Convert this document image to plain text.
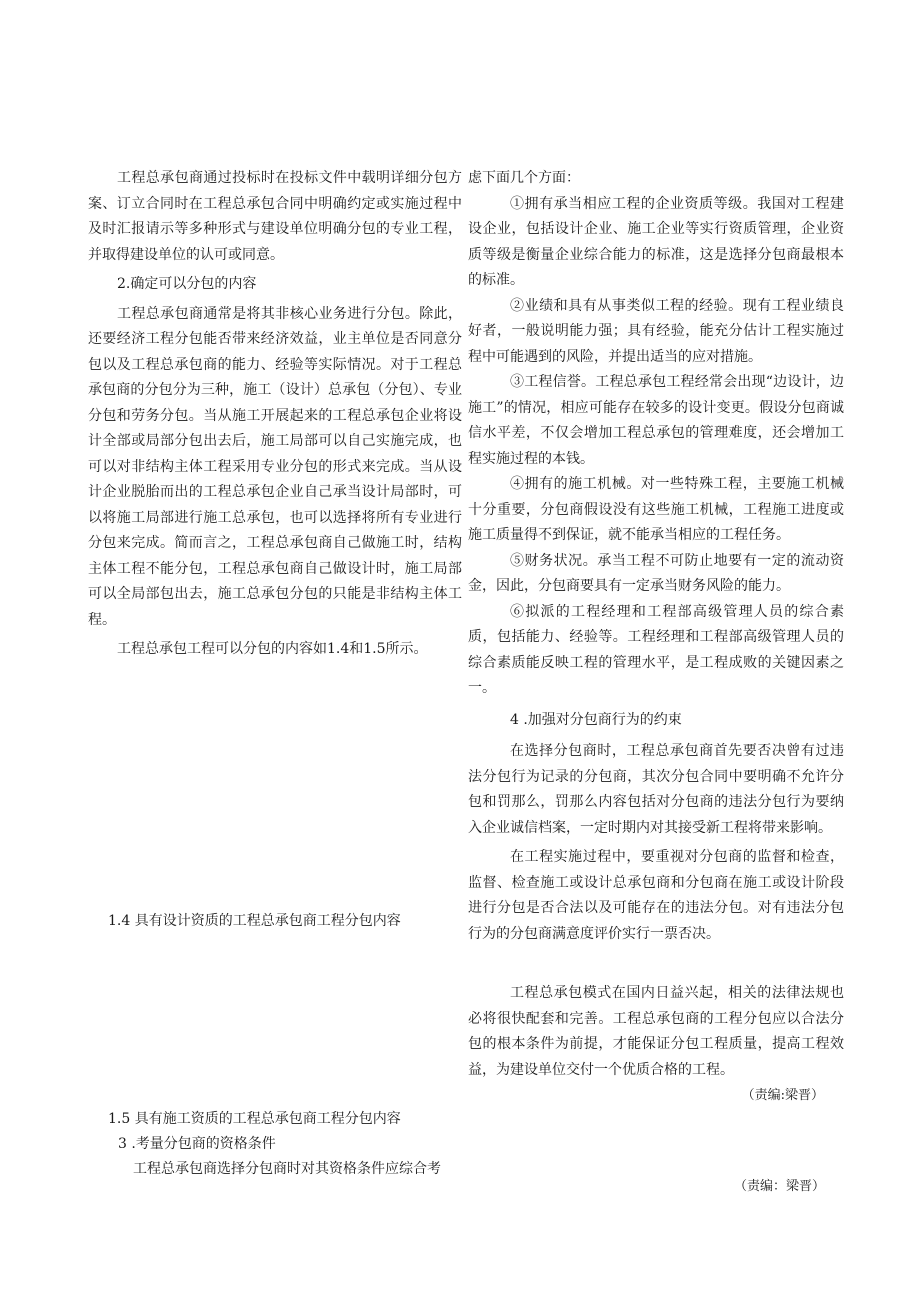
工程总承包商通过投标时在投标文件中载明详细分包方案、订立合同时在工程总承包合同中明确约定或实施过程中及时汇报请示等多种形式与建设单位明确分包的专业工程，并取得建设单位的认可或同意。

2.确定可以分包的内容

工程总承包商通常是将其非核心业务进行分包。除此，还要经济工程分包能否带来经济效益，业主单位是否同意分包以及工程总承包商的能力、经验等实际情况。对于工程总承包商的分包分为三种，施工（设计）总承包（分包）、专业分包和劳务分包。当从施工开展起来的工程总承包企业将设计全部或局部分包出去后，施工局部可以自己实施完成，也可以对非结构主体工程采用专业分包的形式来完成。当从设计企业脱胎而出的工程总承包企业自己承当设计局部时，可以将施工局部进行施工总承包，也可以选择将所有专业进行分包来完成。简而言之，工程总承包商自己做施工时，结构主体工程不能分包，工程总承包商自己做设计时，施工局部可以全局部包出去，施工总承包分包的只能是非结构主体工程。

工程总承包工程可以分包的内容如1.4和1.5所示。

1.4 具有设计资质的工程总承包商工程分包内容
1.5 具有施工资质的工程总承包商工程分包内容
3 .考量分包商的资格条件
工程总承包商选择分包商时对其资格条件应综合考

虑下面几个方面：

①拥有承当相应工程的企业资质等级。我国对工程建设企业，包括设计企业、施工企业等实行资质管理，企业资质等级是衡量企业综合能力的标准，这是选择分包商最根本的标准。

②业绩和具有从事类似工程的经验。现有工程业绩良好者，一般说明能力强；具有经验，能充分估计工程实施过程中可能遇到的风险，并提出适当的应对措施。

③工程信誉。工程总承包工程经常会出现“边设计，边施工”的情况，相应可能存在较多的设计变更。假设分包商诚信水平差，不仅会增加工程总承包的管理难度，还会增加工程实施过程的本钱。

④拥有的施工机械。对一些特殊工程，主要施工机械十分重要，分包商假设没有这些施工机械，工程施工进度或施工质量得不到保证，就不能承当相应的工程任务。

⑤财务状况。承当工程不可防止地要有一定的流动资金，因此，分包商要具有一定承当财务风险的能力。

⑥拟派的工程经理和工程部高级管理人员的综合素质，包括能力、经验等。工程经理和工程部高级管理人员的综合素质能反映工程的管理水平，是工程成败的关键因素之一。

4 .加强对分包商行为的约束

在选择分包商时，工程总承包商首先要否决曾有过违法分包行为记录的分包商，其次分包合同中要明确不允许分包和罚那么，罚那么内容包括对分包商的违法分包行为要纳入企业诚信档案，一定时期内对其接受新工程将带来影响。

在工程实施过程中，要重视对分包商的监督和检查，监督、检查施工或设计总承包商和分包商在施工或设计阶段进行分包是否合法以及可能存在的违法分包。对有违法分包行为的分包商满意度评价实行一票否决。

工程总承包模式在国内日益兴起，相关的法律法规也必将很快配套和完善。工程总承包商的工程分包应以合法分包的根本条件为前提，才能保证分包工程质量，提高工程效益，为建设单位交付一个优质合格的工程。

（责编:梁晋）

（责编：梁晋）
